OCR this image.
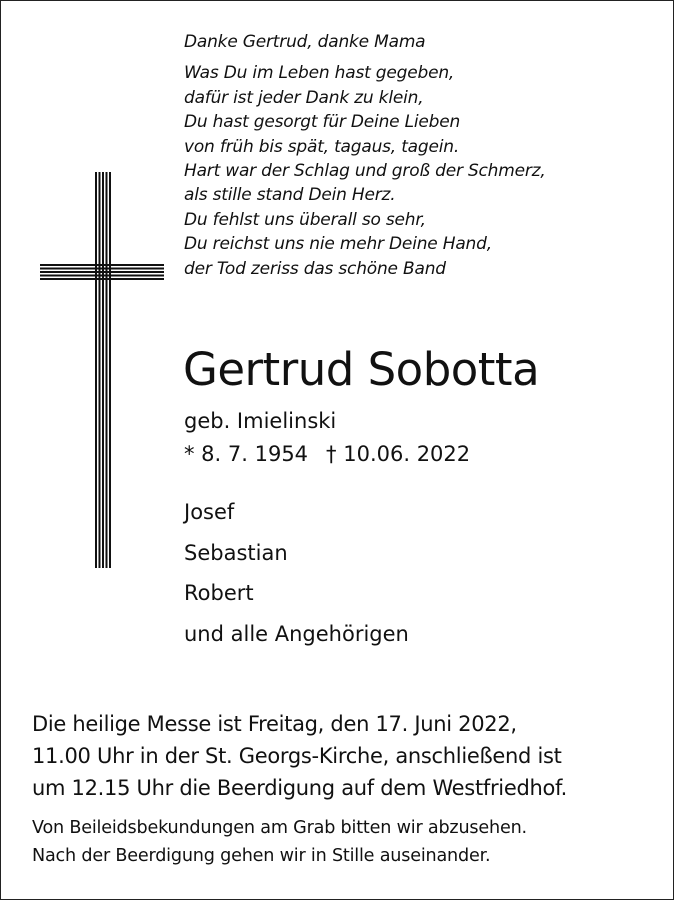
Danke Gertrud, danke Mama
Was Du im Leben hast gegeben,
dafür ist jeder Dank zu klein,
Du hast gesorgt für Deine Lieben
von früh bis spät, tagaus, tagein.
Hart war der Schlag und groß der Schmerz,
als stille stand Dein Herz.
Du fehlst uns überall so sehr,
Du reichst uns nie mehr Deine Hand,
der Tod zeriss das schöne Band
Gertrud Sobotta
geb. Imielinski
* 8. 7. 1954 † 10.06. 2022
Josef
Sebastian
Robert
und alle Angehörigen
Die heilige Messe ist Freitag, den 17. Juni 2022,
11.00 Uhr in der St. Georgs-Kirche, anschließend ist
um 12.15 Uhr die Beerdigung auf dem Westfriedhof.
Von Beileidsbekundungen am Grab bitten wir abzusehen.
Nach der Beerdigung gehen wir in Stille auseinander.
